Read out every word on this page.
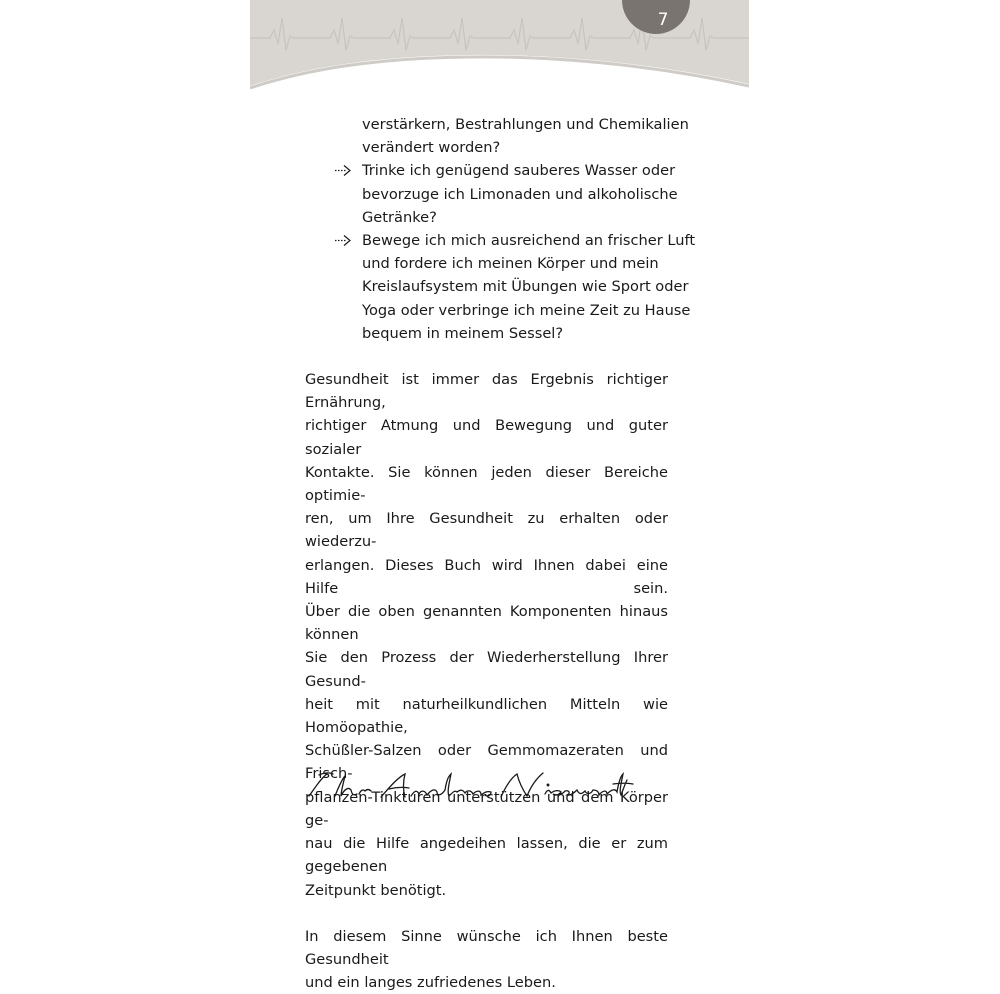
7
verstärkern, Bestrahlungen und Chemikalien
verändert worden?
Trinke ich genügend sauberes Wasser oder
bevorzuge ich Limonaden und alkoholische
Getränke?
Bewege ich mich ausreichend an frischer Luft
und fordere ich meinen Körper und mein
Kreislaufsystem mit Übungen wie Sport oder
Yoga oder verbringe ich meine Zeit zu Hause
bequem in meinem Sessel?
Gesundheit ist immer das Ergebnis richtiger Ernährung,
richtiger Atmung und Bewegung und guter sozialer
Kontakte. Sie können jeden dieser Bereiche optimie-
ren, um Ihre Gesundheit zu erhalten oder wiederzu-
erlangen. Dieses Buch wird Ihnen dabei eine Hilfe sein.
Über die oben genannten Komponenten hinaus können
Sie den Prozess der Wiederherstellung Ihrer Gesund-
heit mit naturheilkundlichen Mitteln wie Homöopathie,
Schüßler-Salzen oder Gemmomazeraten und Frisch-
pflanzen-Tinkturen unterstützen und dem Körper ge-
nau die Hilfe angedeihen lassen, die er zum gegebenen
Zeitpunkt benötigt.
In diesem Sinne wünsche ich Ihnen beste Gesundheit
und ein langes zufriedenes Leben.
